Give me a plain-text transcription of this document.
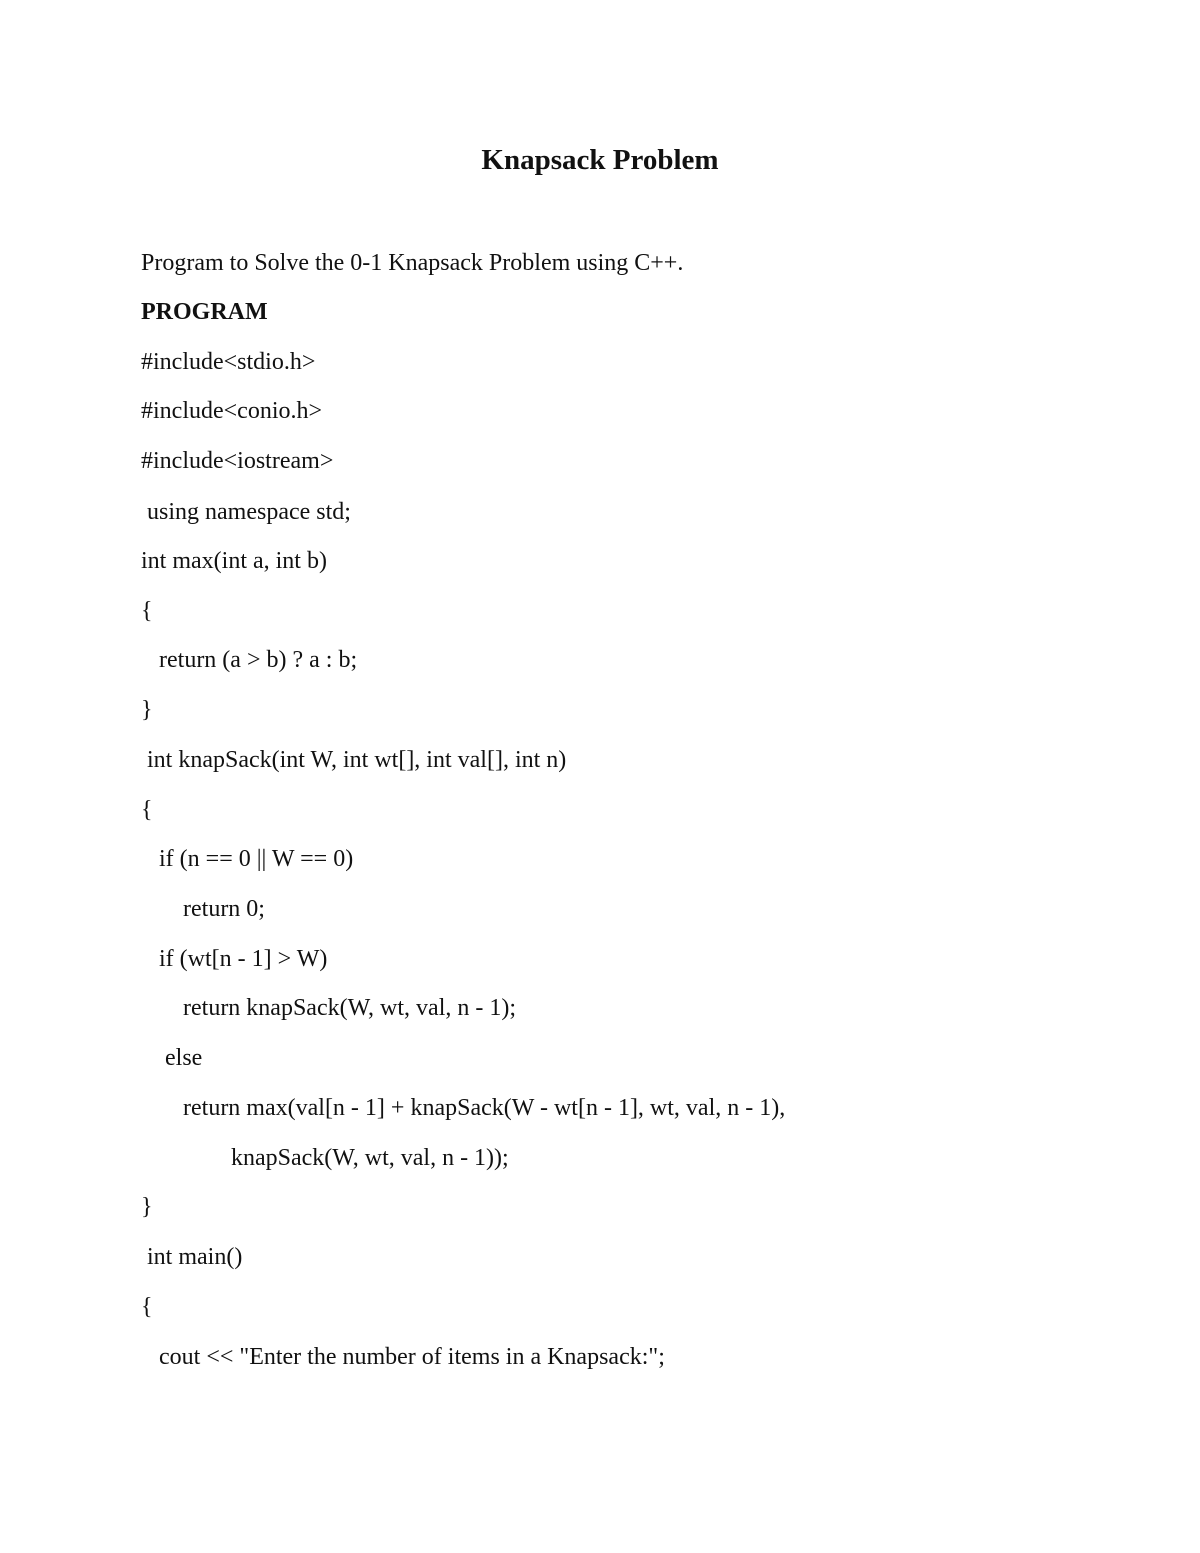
Knapsack Problem
Program to Solve the 0-1 Knapsack Problem using C++.
PROGRAM
#include<stdio.h>
#include<conio.h>
#include<iostream>
using namespace std;
int max(int a, int b)
{
return (a > b) ? a : b;
}
int knapSack(int W, int wt[], int val[], int n)
{
if (n == 0 || W == 0)
return 0;
if (wt[n - 1] > W)
return knapSack(W, wt, val, n - 1);
else
return max(val[n - 1] + knapSack(W - wt[n - 1], wt, val, n - 1),
knapSack(W, wt, val, n - 1));
}
int main()
{
cout << "Enter the number of items in a Knapsack:";
